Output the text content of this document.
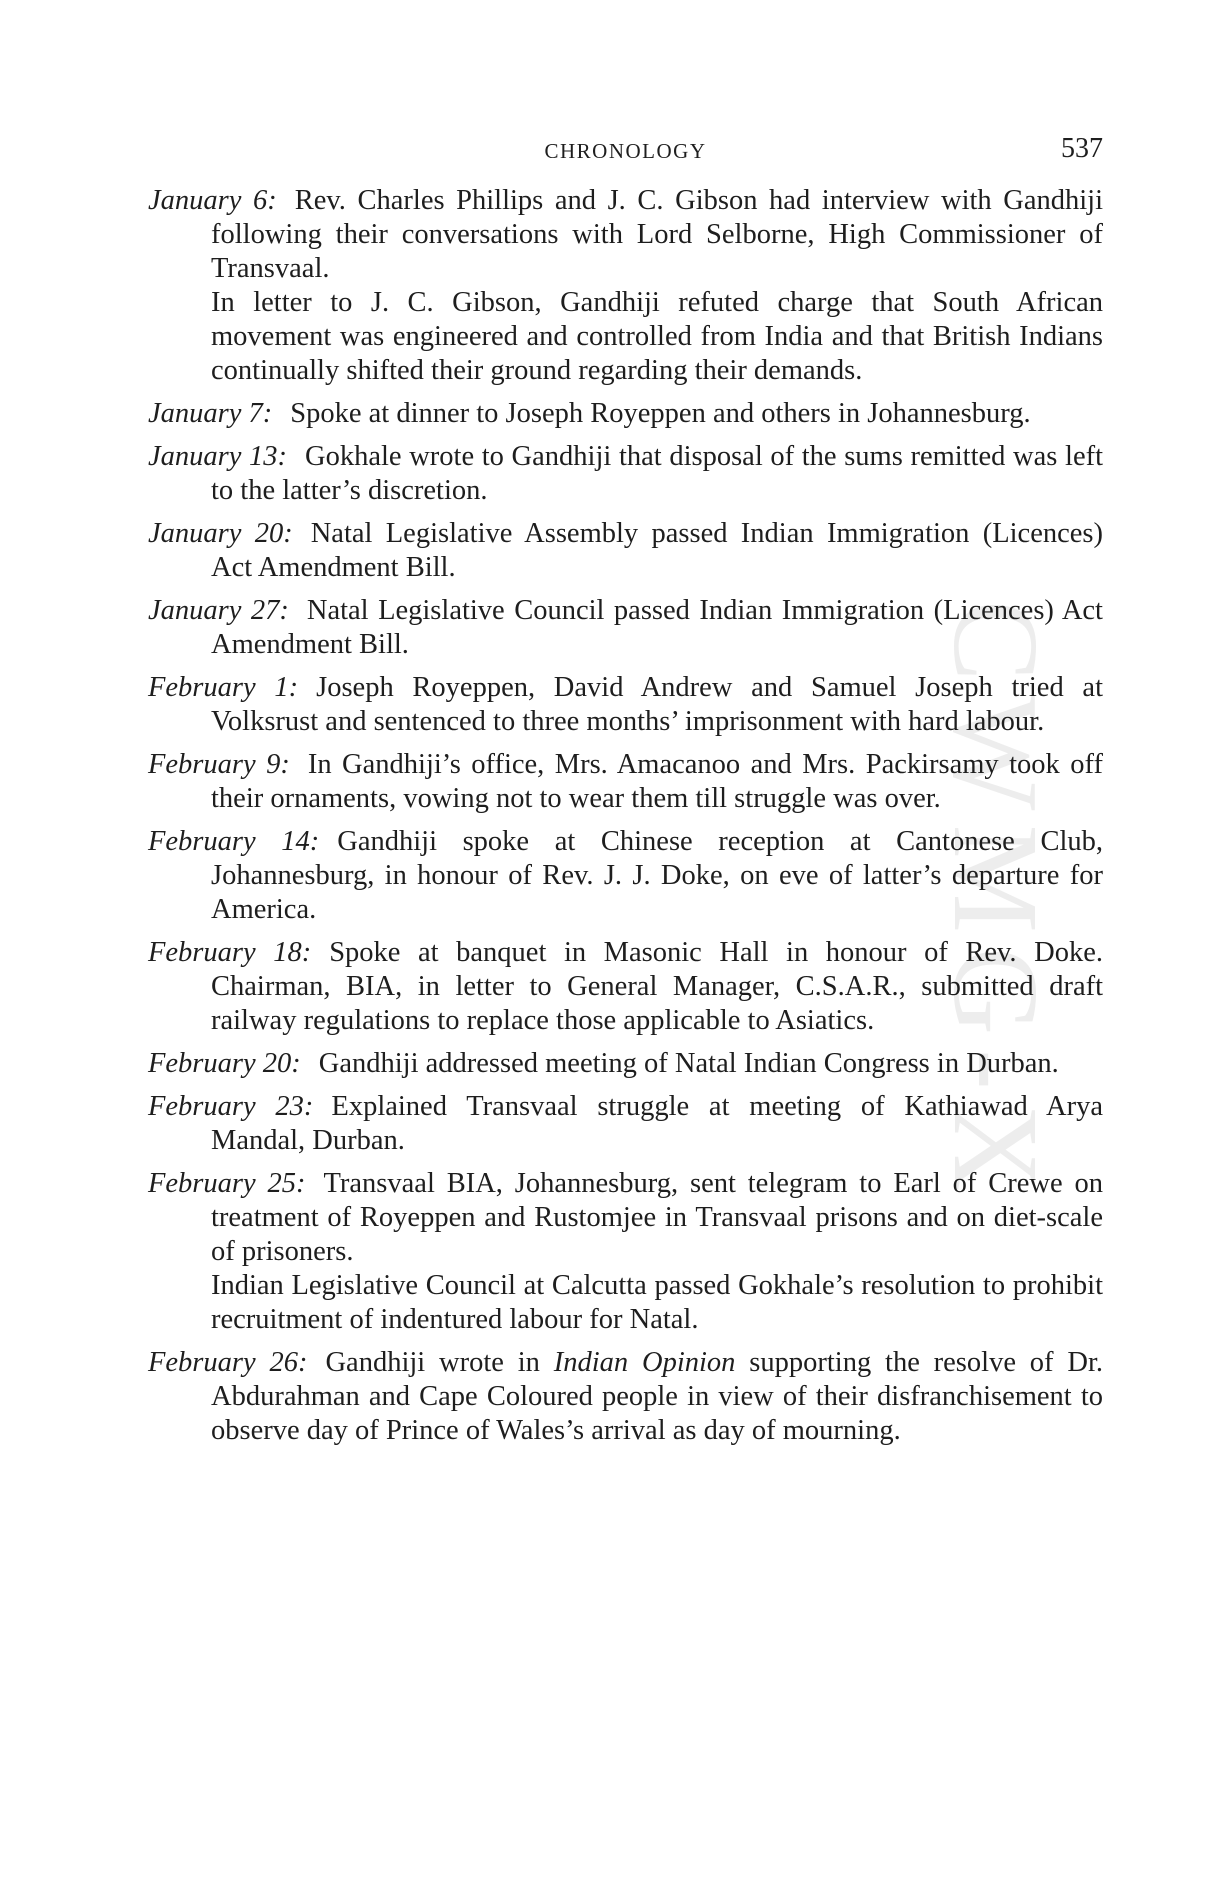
CWMG-X
CHRONOLOGY	537

January 6: Rev. Charles Phillips and J. C. Gibson had interview with Gandhiji following their conversations with Lord Selborne, High Commissioner of Transvaal.

In letter to J. C. Gibson, Gandhiji refuted charge that South African movement was engineered and controlled from India and that British Indians continually shifted their ground regarding their demands.

January 7: Spoke at dinner to Joseph Royeppen and others in Johannesburg.

January 13: Gokhale wrote to Gandhiji that disposal of the sums remitted was left to the latter’s discretion.

January 20: Natal Legislative Assembly passed Indian Immigration (Licences) Act Amendment Bill.

January 27: Natal Legislative Council passed Indian Immigration (Licences) Act Amendment Bill.

February 1: Joseph Royeppen, David Andrew and Samuel Joseph tried at Volksrust and sentenced to three months’ imprisonment with hard labour.

February 9: In Gandhiji’s office, Mrs. Amacanoo and Mrs. Packirsamy took off their ornaments, vowing not to wear them till struggle was over.

February 14: Gandhiji spoke at Chinese reception at Cantonese Club, Johannesburg, in honour of Rev. J. J. Doke, on eve of latter’s departure for America.

February 18: Spoke at banquet in Masonic Hall in honour of Rev. Doke. Chairman, BIA, in letter to General Manager, C.S.A.R., submitted draft railway regulations to replace those applicable to Asiatics.

February 20: Gandhiji addressed meeting of Natal Indian Congress in Durban.

February 23: Explained Transvaal struggle at meeting of Kathiawad Arya Mandal, Durban.

February 25: Transvaal BIA, Johannesburg, sent telegram to Earl of Crewe on treatment of Royeppen and Rustomjee in Transvaal prisons and on diet-scale of prisoners.

Indian Legislative Council at Calcutta passed Gokhale’s resolution to prohibit recruitment of indentured labour for Natal.

February 26: Gandhiji wrote in Indian Opinion supporting the resolve of Dr. Abdurahman and Cape Coloured people in view of their disfranchisement to observe day of Prince of Wales’s arrival as day of mourning.
